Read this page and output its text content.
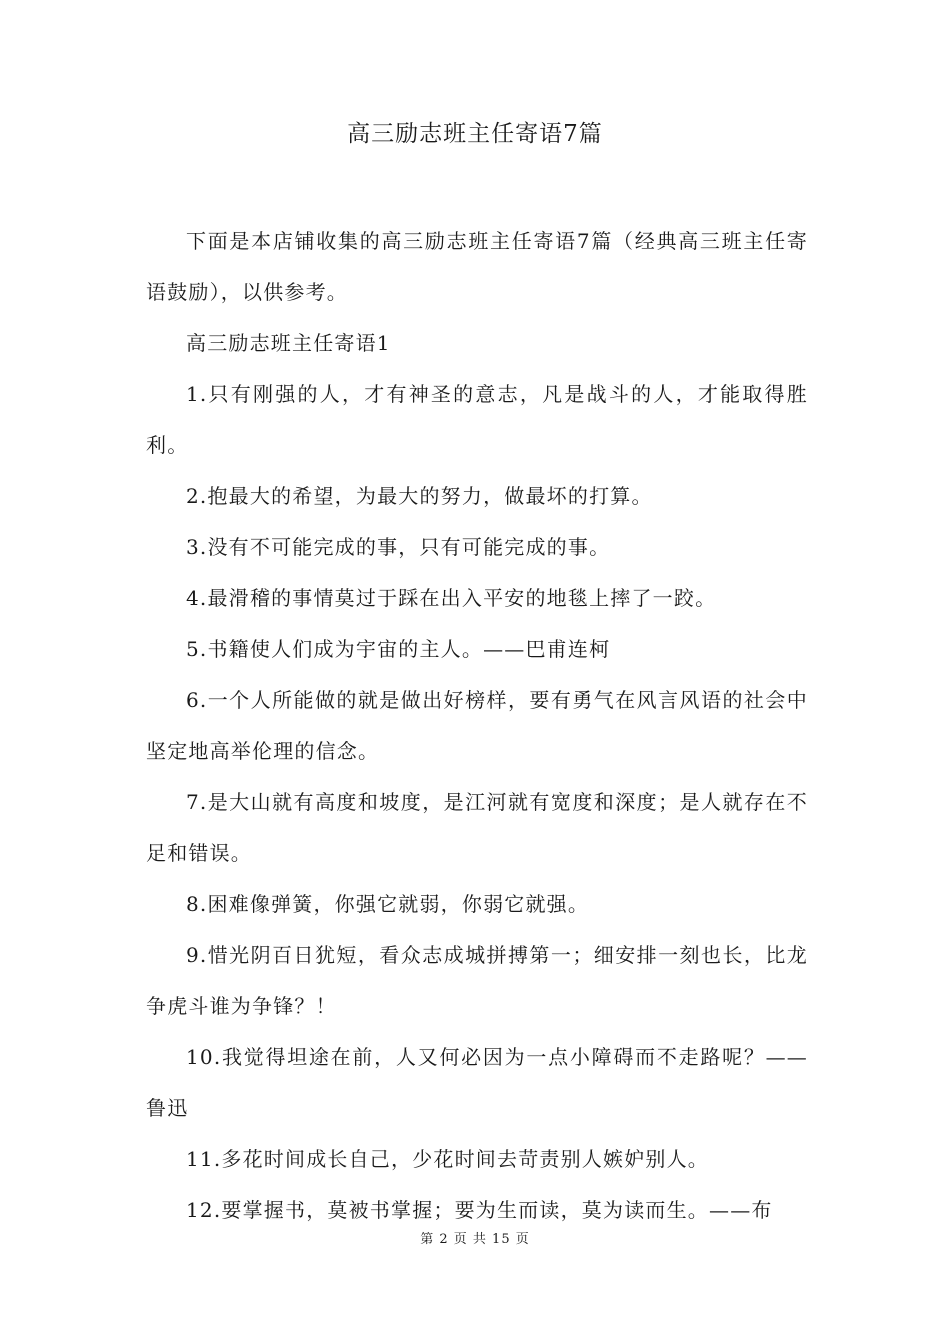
高三励志班主任寄语7篇

下面是本店铺收集的高三励志班主任寄语7篇（经典高三班主任寄语鼓励），以供参考。

高三励志班主任寄语1

1.只有刚强的人，才有神圣的意志，凡是战斗的人，才能取得胜利。

2.抱最大的希望，为最大的努力，做最坏的打算。

3.没有不可能完成的事，只有可能完成的事。

4.最滑稽的事情莫过于踩在出入平安的地毯上摔了一跤。

5.书籍使人们成为宇宙的主人。——巴甫连柯

6.一个人所能做的就是做出好榜样，要有勇气在风言风语的社会中坚定地高举伦理的信念。

7.是大山就有高度和坡度，是江河就有宽度和深度；是人就存在不足和错误。

8.困难像弹簧，你强它就弱，你弱它就强。

9.惜光阴百日犹短，看众志成城拼搏第一；细安排一刻也长，比龙争虎斗谁为争锋？！

10.我觉得坦途在前，人又何必因为一点小障碍而不走路呢？——鲁迅

11.多花时间成长自己，少花时间去苛责别人嫉妒别人。

12.要掌握书，莫被书掌握；要为生而读，莫为读而生。——布

第 2 页 共 15 页
